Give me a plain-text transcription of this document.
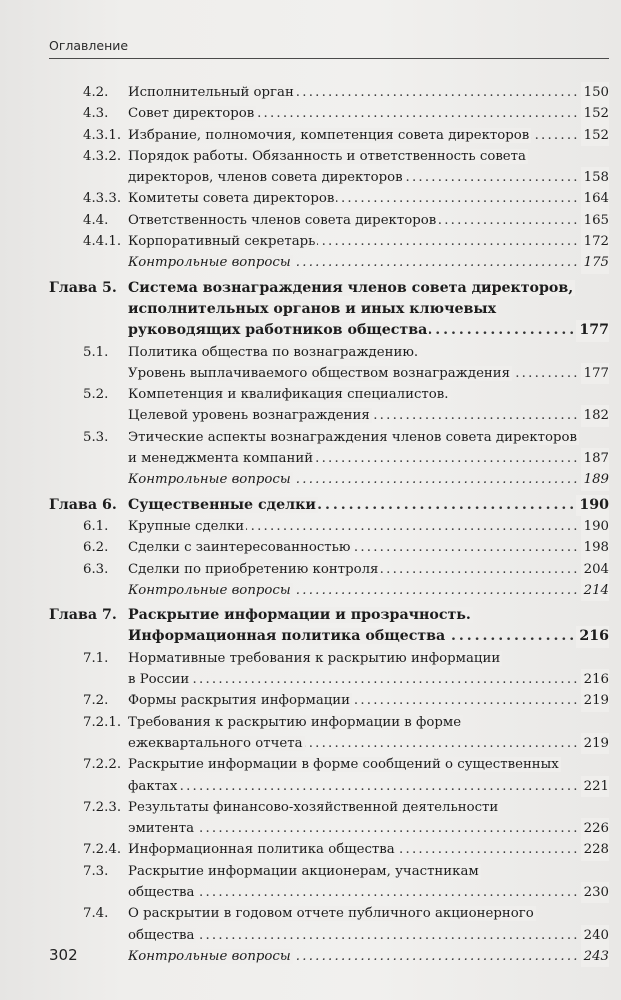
Оглавление
4.2. Исполнительный орган	150
. . .
4.3. Совет директоров	152
. . .
4.3.1. Избрание, полномочия, компетенция совета директоров	152
. . .
4.3.2. Порядок работы. Обязанность и ответственность совета
директоров, членов совета директоров	158
. . .
4.3.3. Комитеты совета директоров	164
. . .
4.4. Ответственность членов совета директоров	165
. . .
4.4.1. Корпоративный секретарь	172
. . .
Контрольные вопросы	175
. . .
Глава 5. Система вознаграждения членов совета директоров,
исполнительных органов и иных ключевых
руководящих работников общества	177
. . .
5.1. Политика общества по вознаграждению.
Уровень выплачиваемого обществом вознаграждения	177
. . .
5.2. Компетенция и квалификация специалистов.
Целевой уровень вознаграждения	182
. . .
5.3. Этические аспекты вознаграждения членов совета директоров
и менеджмента компаний	187
. . .
Контрольные вопросы	189
. . .
Глава 6. Существенные сделки	190
. . .
6.1. Крупные сделки	190
. . .
6.2. Сделки с заинтересованностью	198
. . .
6.3. Сделки по приобретению контроля	204
. . .
Контрольные вопросы	214
. . .
Глава 7. Раскрытие информации и прозрачность.
Информационная политика общества	216
. . .
7.1. Нормативные требования к раскрытию информации
в России	216
. . .
7.2. Формы раскрытия информации	219
. . .
7.2.1. Требования к раскрытию информации в форме
ежеквартального отчета	219
. . .
7.2.2. Раскрытие информации в форме сообщений о существенных
фактах	221
. . .
7.2.3. Результаты финансово-хозяйственной деятельности
эмитента	226
. . .
7.2.4. Информационная политика общества	228
. . .
7.3. Раскрытие информации акционерам, участникам
общества	230
. . .
7.4. О раскрытии в годовом отчете публичного акционерного
общества	240
. . .
Контрольные вопросы	243
. . .
302
